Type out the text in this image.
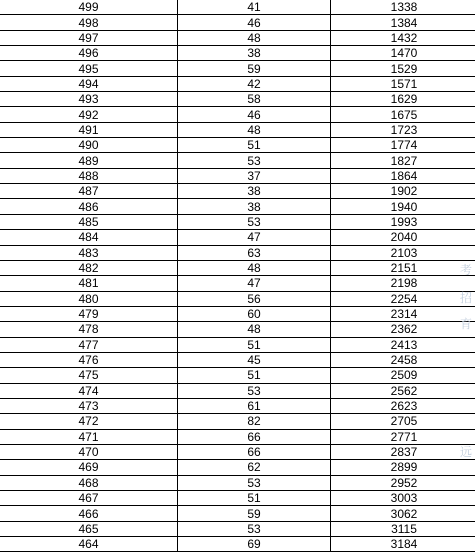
499	41	1338
498	46	1384
497	48	1432
496	38	1470
495	59	1529
494	42	1571
493	58	1629
492	46	1675
491	48	1723
490	51	1774
489	53	1827
488	37	1864
487	38	1902
486	38	1940
485	53	1993
484	47	2040
483	63	2103
482	48	2151
481	47	2198
480	56	2254
479	60	2314
478	48	2362
477	51	2413
476	45	2458
475	51	2509
474	53	2562
473	61	2623
472	82	2705
471	66	2771
470	66	2837
469	62	2899
468	53	2952
467	51	3003
466	59	3062
465	53	3115
464	69	3184
考
招
育
远
